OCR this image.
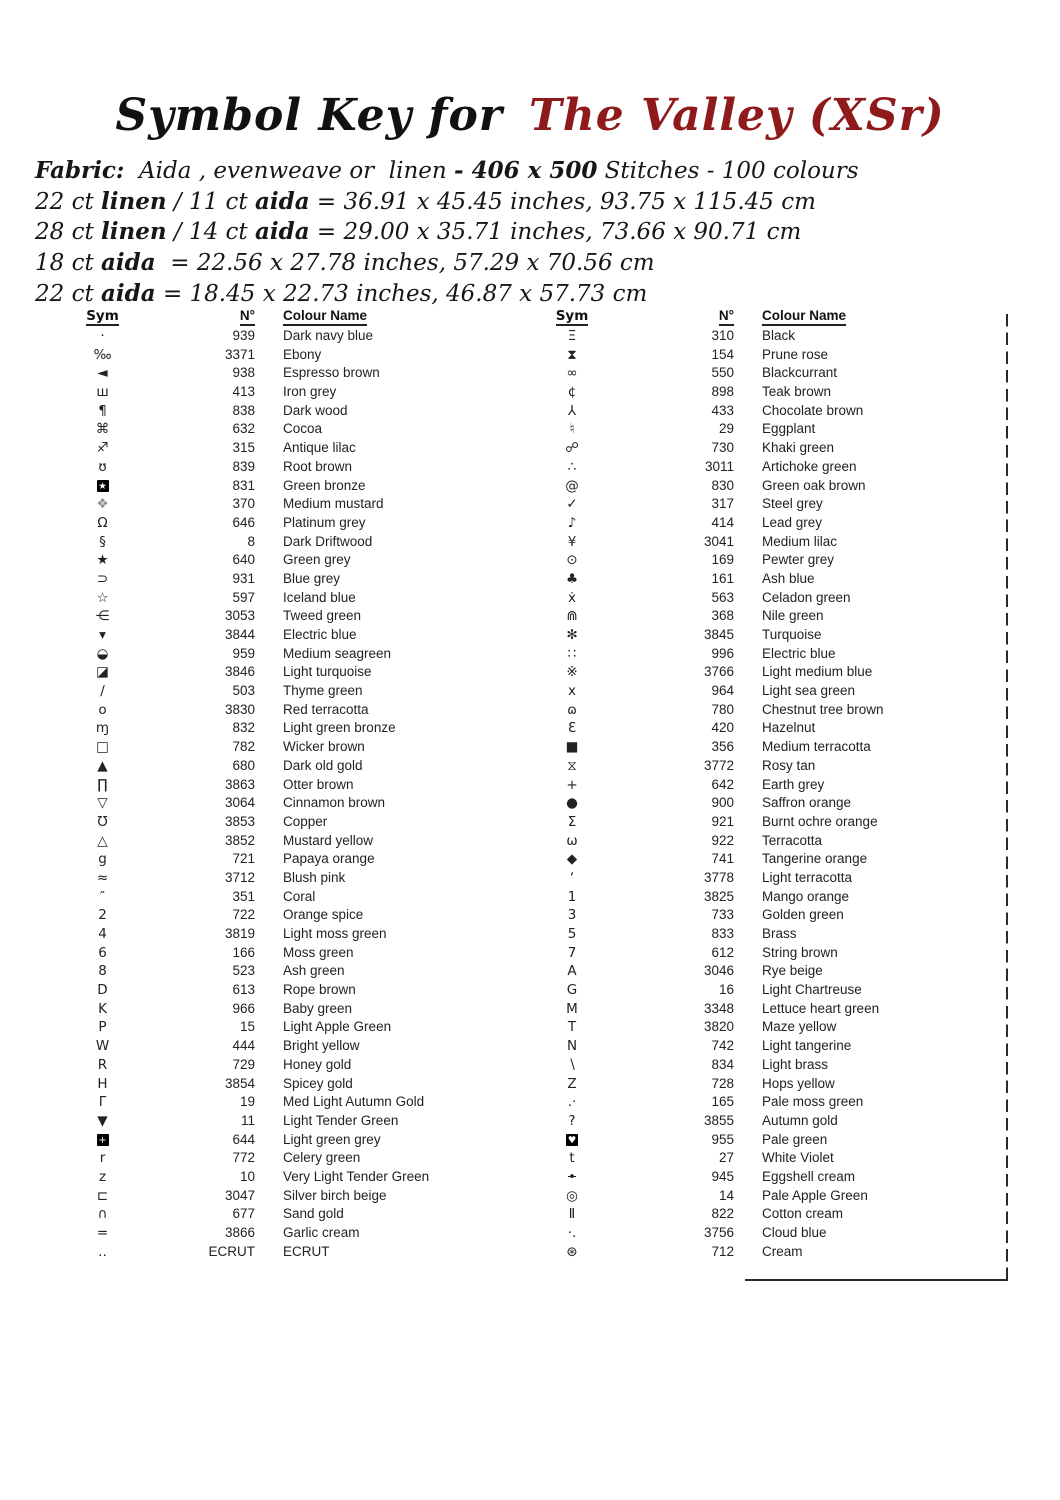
Symbol Key for The Valley (XSr)
Fabric:  Aida , evenweave or  linen - 406 x 500 Stitches - 100 colours
22 ct linen / 11 ct aida = 36.91 x 45.45 inches, 93.75 x 115.45 cm
28 ct linen / 14 ct aida = 29.00 x 35.71 inches, 73.66 x 90.71 cm
18 ct aida  = 22.56 x 27.78 inches, 57.29 x 70.56 cm
22 ct aida = 18.45 x 22.73 inches, 46.87 x 57.73 cm
Sym	N°	Colour Name
·	939	Dark navy blue
‰	3371	Ebony
◄	938	Espresso brown
ш	413	Iron grey
¶	838	Dark wood
⌘	632	Cocoa
♐	315	Antique lilac
ʊ	839	Root brown
★	831	Green bronze
❖	370	Medium mustard
Ω	646	Platinum grey
§	8	Dark Driftwood
★	640	Green grey
⊃	931	Blue grey
☆	597	Iceland blue
⋲	3053	Tweed green
▾	3844	Electric blue
◒	959	Medium seagreen
◪	3846	Light turquoise
∕	503	Thyme green
o	3830	Red terracotta
ɱ	832	Light green bronze
□	782	Wicker brown
▲	680	Dark old gold
∏	3863	Otter brown
▽	3064	Cinnamon brown
Ʊ	3853	Copper
△	3852	Mustard yellow
g	721	Papaya orange
≈	3712	Blush pink
″	351	Coral
2	722	Orange spice
4	3819	Light moss green
6	166	Moss green
8	523	Ash green
D	613	Rope brown
K	966	Baby green
P	15	Light Apple Green
W	444	Bright yellow
R	729	Honey gold
H	3854	Spicey gold
Γ	19	Med Light Autumn Gold
▼	11	Light Tender Green
+	644	Light green grey
r	772	Celery green
z	10	Very Light Tender Green
⊏	3047	Silver birch beige
∩	677	Sand gold
=	3866	Garlic cream
‥	ECRUT	ECRUT
Sym	N°	Colour Name
Ξ	310	Black
⧗	154	Prune rose
∞	550	Blackcurrant
¢	898	Teak brown
⅄	433	Chocolate brown
♮	29	Eggplant
☍	730	Khaki green
∴	3011	Artichoke green
@	830	Green oak brown
✓	317	Steel grey
♪	414	Lead grey
¥	3041	Medium lilac
⊙	169	Pewter grey
♣	161	Ash blue
ẋ	563	Celadon green
⋒	368	Nile green
✻	3845	Turquoise
∷	996	Electric blue
※	3766	Light medium blue
x	964	Light sea green
ɷ	780	Chestnut tree brown
Ɛ	420	Hazelnut
■	356	Medium terracotta
⧖	3772	Rosy tan
+	642	Earth grey
●	900	Saffron orange
Σ	921	Burnt ochre orange
ω	922	Terracotta
◆	741	Tangerine orange
‘	3778	Light terracotta
1	3825	Mango orange
3	733	Golden green
5	833	Brass
7	612	String brown
A	3046	Rye beige
G	16	Light Chartreuse
M	3348	Lettuce heart green
T	3820	Maze yellow
N	742	Light tangerine
∖	834	Light brass
Z	728	Hops yellow
.·	165	Pale moss green
?	3855	Autumn gold
♥	955	Pale green
t	27	White Violet
•	945	Eggshell cream
◎	14	Pale Apple Green
Ⅱ	822	Cotton cream
·.	3756	Cloud blue
⊛	712	Cream
